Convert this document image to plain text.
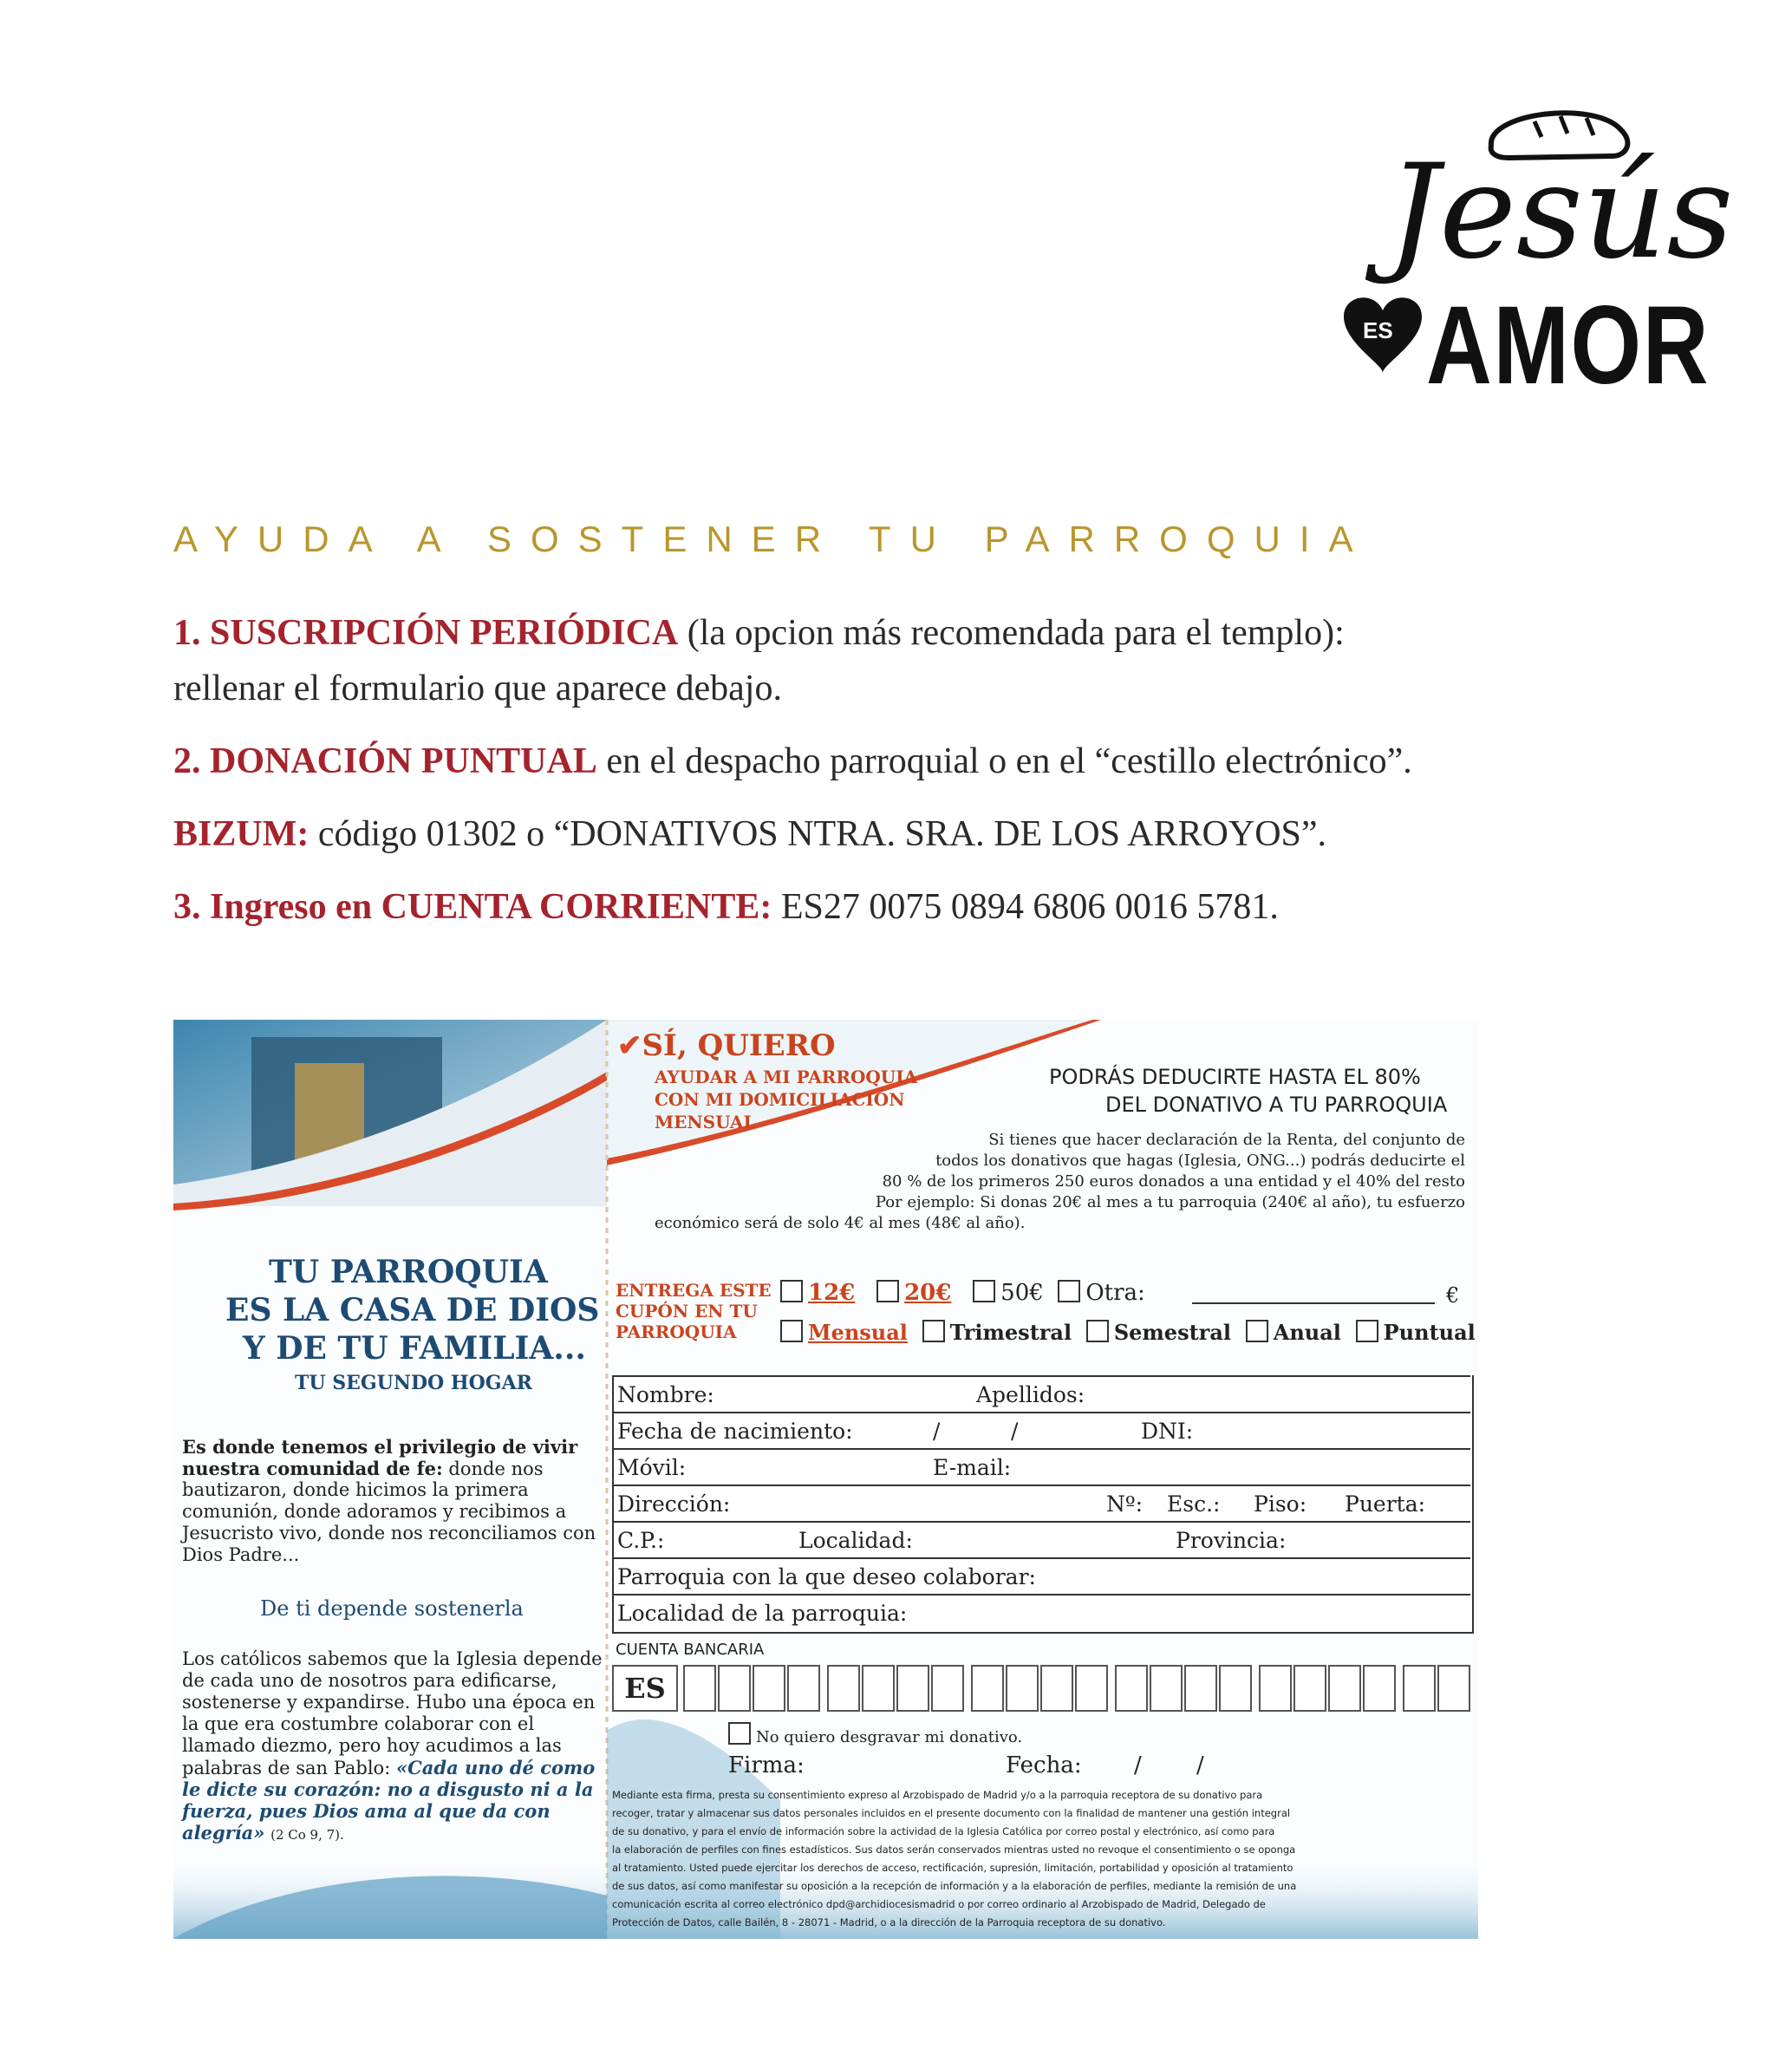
Jesús
ES AMOR
AYUDA A SOSTENER TU PARROQUIA
1. SUSCRIPCIÓN PERIÓDICA (la opcion más recomendada para el templo):
rellenar el formulario que aparece debajo.
2. DONACIÓN PUNTUAL en el despacho parroquial o en el “cestillo electrónico”.
BIZUM: código 01302 o “DONATIVOS NTRA. SRA. DE LOS ARROYOS”.
3. Ingreso en CUENTA CORRIENTE: ES27 0075 0894 6806 0016 5781.
TU PARROQUIA
ES LA CASA DE DIOS
Y DE TU FAMILIA...
TU SEGUNDO HOGAR
Es donde tenemos el privilegio de vivir
nuestra comunidad de fe: donde nos
bautizaron, donde hicimos la primera
comunión, donde adoramos y recibimos a
Jesucristo vivo, donde nos reconciliamos con
Dios Padre...
De ti depende sostenerla
Los católicos sabemos que la Iglesia depende
de cada uno de nosotros para edificarse,
sostenerse y expandirse. Hubo una época en
la que era costumbre colaborar con el
llamado diezmo, pero hoy acudimos a las
palabras de san Pablo: «Cada uno dé como
le dicte su corazón: no a disgusto ni a la
fuerza, pues Dios ama al que da con
alegría» (2 Co 9, 7).
✔SÍ, QUIERO
AYUDAR A MI PARROQUIA
CON MI DOMICILIACIÓN
MENSUAL
PODRÁS DEDUCIRTE HASTA EL 80%
DEL DONATIVO A TU PARROQUIA
Si tienes que hacer declaración de la Renta, del conjunto de
todos los donativos que hagas (Iglesia, ONG...) podrás deducirte el
80 % de los primeros 250 euros donados a una entidad y el 40% del resto
Por ejemplo: Si donas 20€ al mes a tu parroquia (240€ al año), tu esfuerzo
económico será de solo 4€ al mes (48€ al año).
ENTREGA ESTE
CUPÓN EN TU
PARROQUIA
12€ 20€ 50€ Otra:	€
Mensual Trimestral Semestral Anual Puntual
Nombre:	Apellidos:
Fecha de nacimiento:	/	/	DNI:
Móvil:	E-mail:
Dirección:	Nº: Esc.: Piso: Puerta:
C.P.:	Localidad:	Provincia:
Parroquia con la que deseo colaborar:
Localidad de la parroquia:
CUENTA BANCARIA
ES
No quiero desgravar mi donativo.
Firma:	Fecha: / /
Mediante esta firma, presta su consentimiento expreso al Arzobispado de Madrid y/o a la parroquia receptora de su donativo para
recoger, tratar y almacenar sus datos personales incluidos en el presente documento con la finalidad de mantener una gestión integral
de su donativo, y para el envío de información sobre la actividad de la Iglesia Católica por correo postal y electrónico, así como para
la elaboración de perfiles con fines estadísticos. Sus datos serán conservados mientras usted no revoque el consentimiento o se oponga
al tratamiento. Usted puede ejercitar los derechos de acceso, rectificación, supresión, limitación, portabilidad y oposición al tratamiento
de sus datos, así como manifestar su oposición a la recepción de información y a la elaboración de perfiles, mediante la remisión de una
comunicación escrita al correo electrónico dpd@archidiocesismadrid o por correo ordinario al Arzobispado de Madrid, Delegado de
Protección de Datos, calle Bailén, 8 - 28071 - Madrid, o a la dirección de la Parroquia receptora de su donativo.
